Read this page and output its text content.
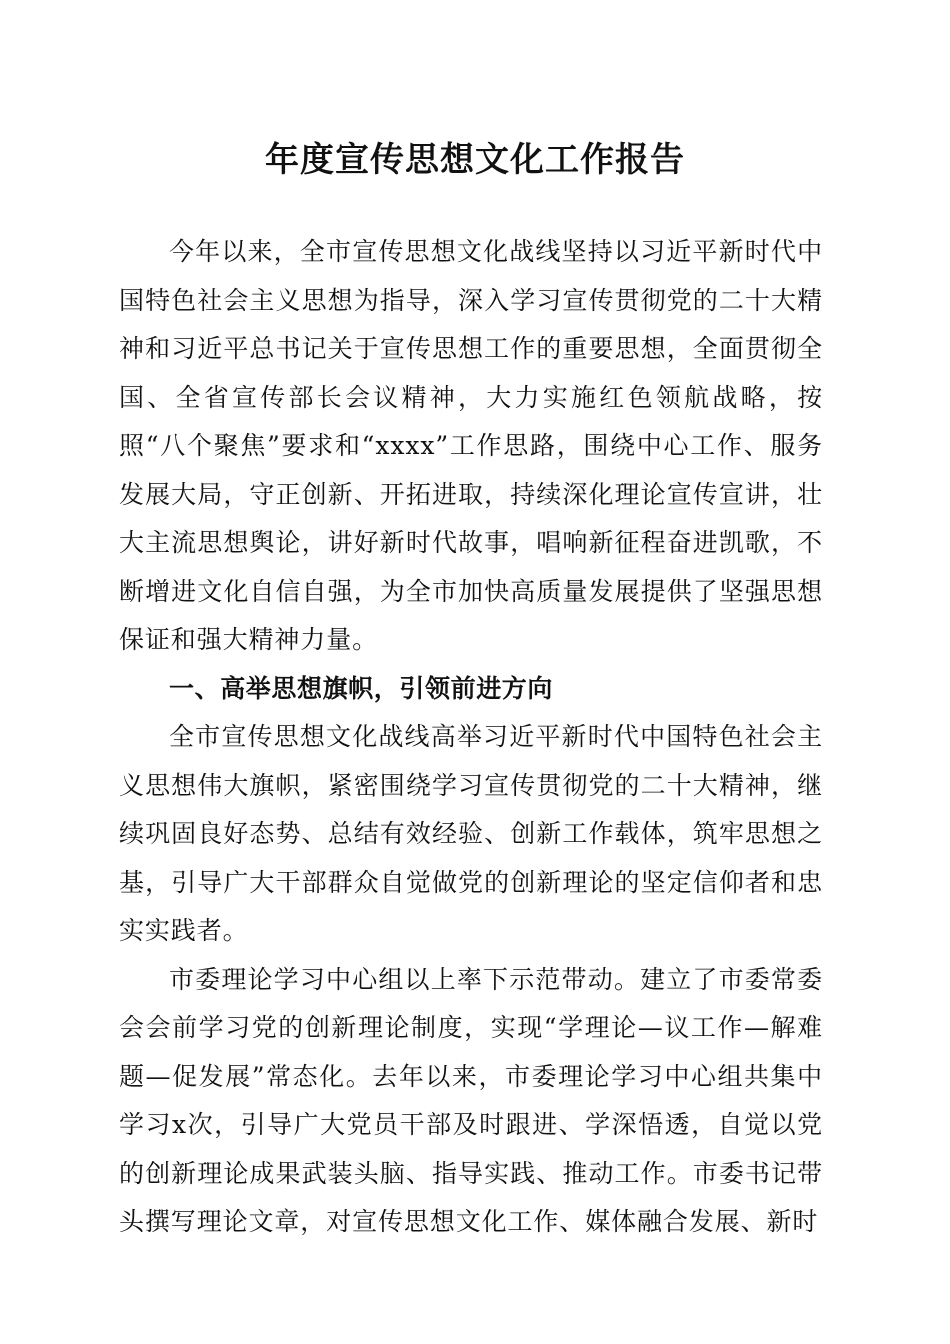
年度宣传思想文化工作报告

今年以来，全市宣传思想文化战线坚持以习近平新时代中国特色社会主义思想为指导，深入学习宣传贯彻党的二十大精神和习近平总书记关于宣传思想工作的重要思想，全面贯彻全国、全省宣传部长会议精神，大力实施红色领航战略，按照“八个聚焦”要求和“xxxx”工作思路，围绕中心工作、服务发展大局，守正创新、开拓进取，持续深化理论宣传宣讲，壮大主流思想舆论，讲好新时代故事，唱响新征程奋进凯歌，不断增进文化自信自强，为全市加快高质量发展提供了坚强思想保证和强大精神力量。

一、高举思想旗帜，引领前进方向

全市宣传思想文化战线高举习近平新时代中国特色社会主义思想伟大旗帜，紧密围绕学习宣传贯彻党的二十大精神，继续巩固良好态势、总结有效经验、创新工作载体，筑牢思想之基，引导广大干部群众自觉做党的创新理论的坚定信仰者和忠实实践者。

市委理论学习中心组以上率下示范带动。建立了市委常委会会前学习党的创新理论制度，实现“学理论—议工作—解难题—促发展”常态化。去年以来，市委理论学习中心组共集中学习x次，引导广大党员干部及时跟进、学深悟透，自觉以党的创新理论成果武装头脑、指导实践、推动工作。市委书记带头撰写理论文章，对宣传思想文化工作、媒体融合发展、新时
